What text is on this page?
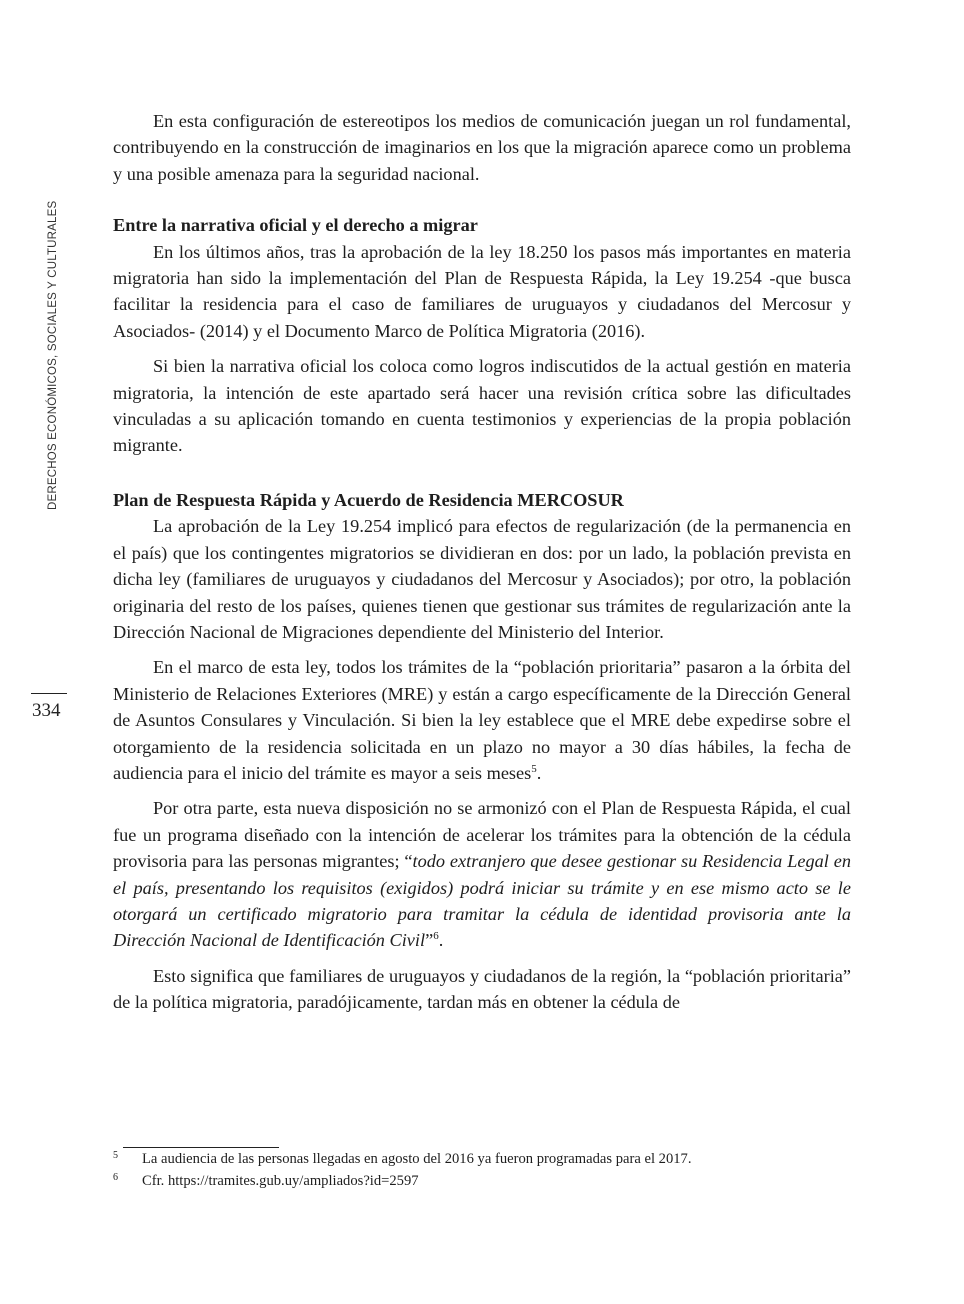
DERECHOS ECONÓMICOS, SOCIALES Y CULTURALES
334

En esta configuración de estereotipos los medios de comunicación juegan un rol fundamental, contribuyendo en la construcción de imaginarios en los que la migración aparece como un problema y una posible amenaza para la seguridad nacional.

Entre la narrativa oficial y el derecho a migrar

En los últimos años, tras la aprobación de la ley 18.250 los pasos más importantes en materia migratoria han sido la implementación del Plan de Respuesta Rápida, la Ley 19.254 -que busca facilitar la residencia para el caso de familiares de uruguayos y ciudadanos del Mercosur y Asociados- (2014) y el Documento Marco de Política Migratoria (2016).

Si bien la narrativa oficial los coloca como logros indiscutidos de la actual gestión en materia migratoria, la intención de este apartado será hacer una revisión crítica sobre las dificultades vinculadas a su aplicación tomando en cuenta testimonios y experiencias de la propia población migrante.

Plan de Respuesta Rápida y Acuerdo de Residencia MERCOSUR

La aprobación de la Ley 19.254 implicó para efectos de regularización (de la permanencia en el país) que los contingentes migratorios se dividieran en dos: por un lado, la población prevista en dicha ley (familiares de uruguayos y ciudadanos del Mercosur y Asociados); por otro, la población originaria del resto de los países, quienes tienen que gestionar sus trámites de regularización ante la Dirección Nacional de Migraciones dependiente del Ministerio del Interior.

En el marco de esta ley, todos los trámites de la “población prioritaria” pasaron a la órbita del Ministerio de Relaciones Exteriores (MRE) y están a cargo específicamente de la Dirección General de Asuntos Consulares y Vinculación. Si bien la ley establece que el MRE debe expedirse sobre el otorgamiento de la residencia solicitada en un plazo no mayor a 30 días hábiles, la fecha de audiencia para el inicio del trámite es mayor a seis meses$^5$.

Por otra parte, esta nueva disposición no se armonizó con el Plan de Respuesta Rápida, el cual fue un programa diseñado con la intención de acelerar los trámites para la obtención de la cédula provisoria para las personas migrantes; “todo extranjero que desee gestionar su Residencia Legal en el país, presentando los requisitos (exigidos) podrá iniciar su trámite y en ese mismo acto se le otorgará un certificado migratorio para tramitar la cédula de identidad provisoria ante la Dirección Nacional de Identificación Civil”$^6$.

Esto significa que familiares de uruguayos y ciudadanos de la región, la “población prioritaria” de la política migratoria, paradójicamente, tardan más en obtener la cédula de

5 La audiencia de las personas llegadas en agosto del 2016 ya fueron programadas para el 2017.
6 Cfr. https://tramites.gub.uy/ampliados?id=2597
